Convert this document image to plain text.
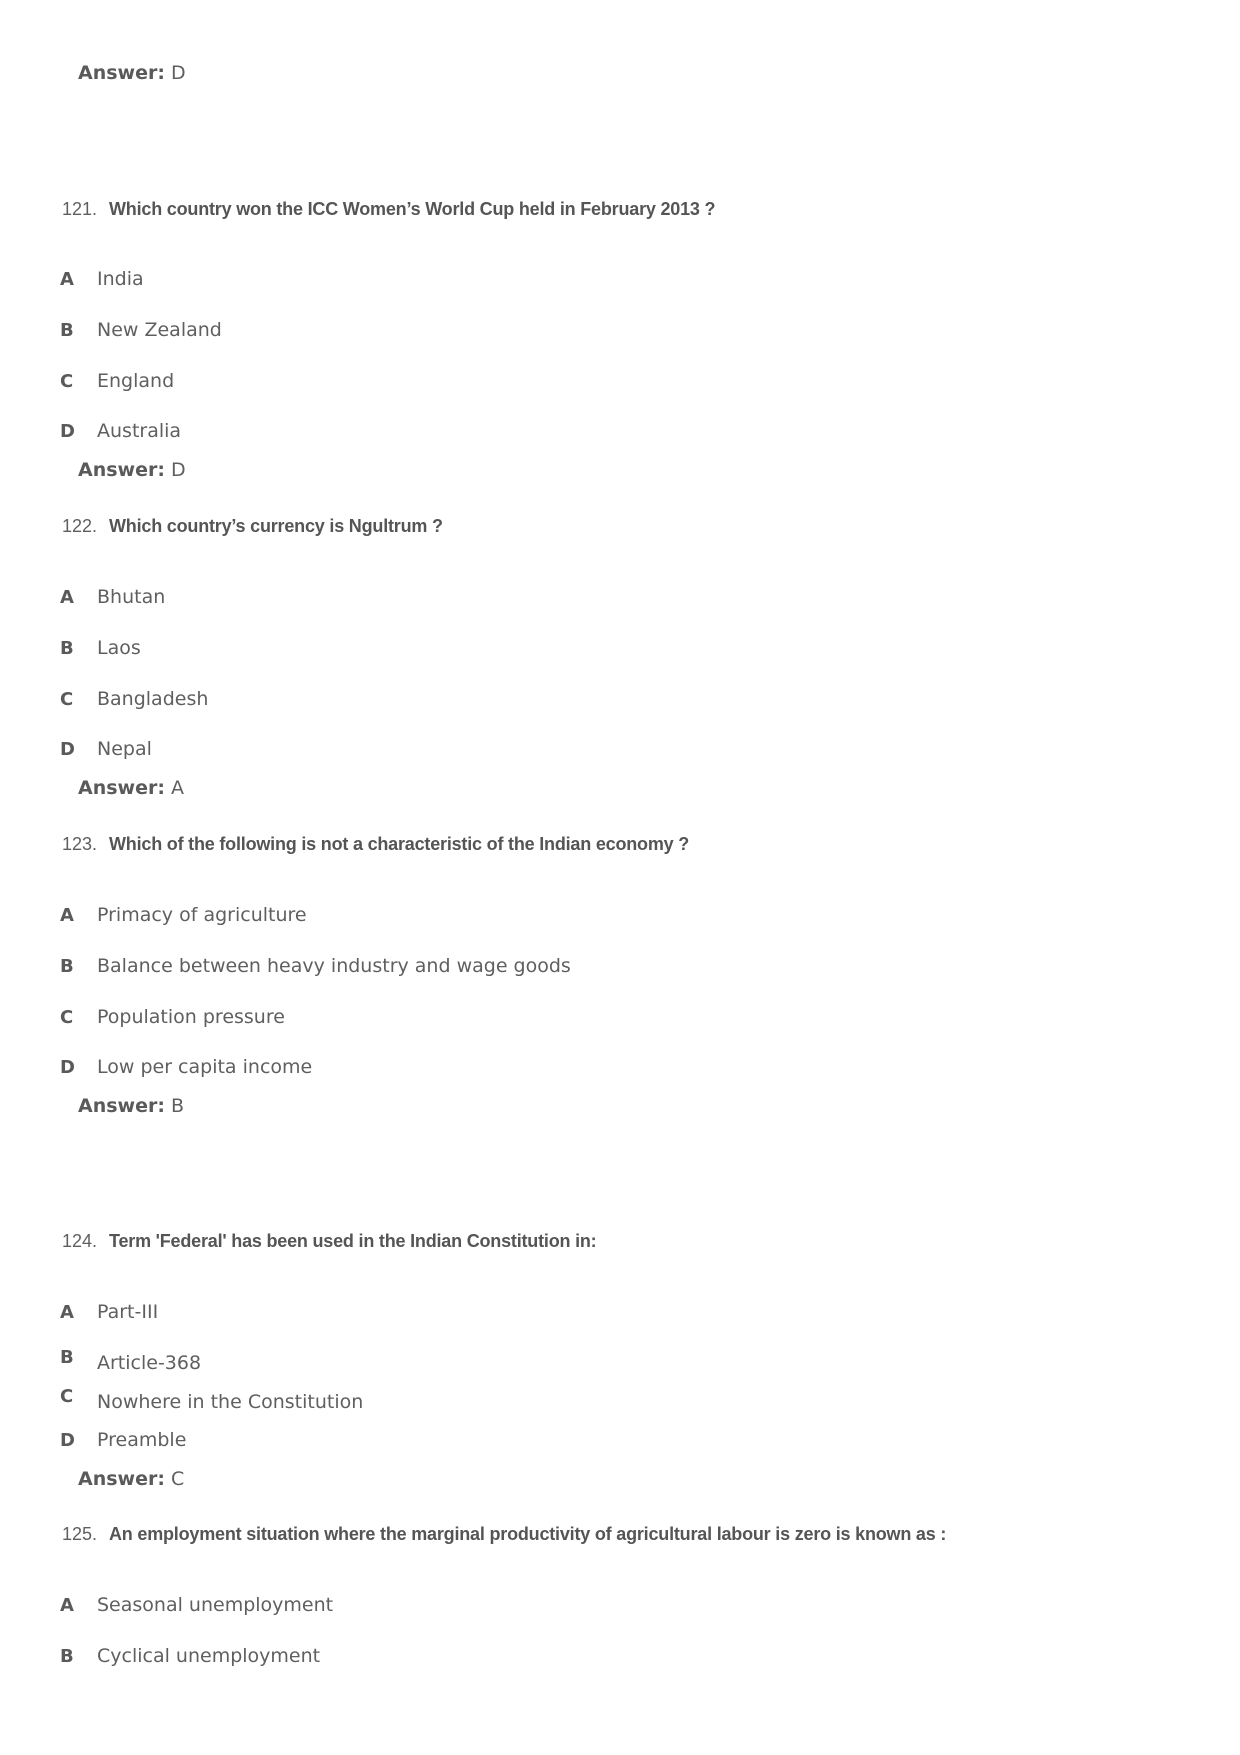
Answer: D
121. Which country won the ICC Women’s World Cup held in February 2013 ?
A India
B New Zealand
C England
D Australia
Answer: D
122. Which country’s currency is Ngultrum ?
A Bhutan
B Laos
C Bangladesh
D Nepal
Answer: A
123. Which of the following is not a characteristic of the Indian economy ?
A Primacy of agriculture
B Balance between heavy industry and wage goods
C Population pressure
D Low per capita income
Answer: B
124. Term 'Federal' has been used in the Indian Constitution in:
A Part-III
B Article-368
C Nowhere in the Constitution
D Preamble
Answer: C
125. An employment situation where the marginal productivity of agricultural labour is zero is known as :
A Seasonal unemployment
B Cyclical unemployment
